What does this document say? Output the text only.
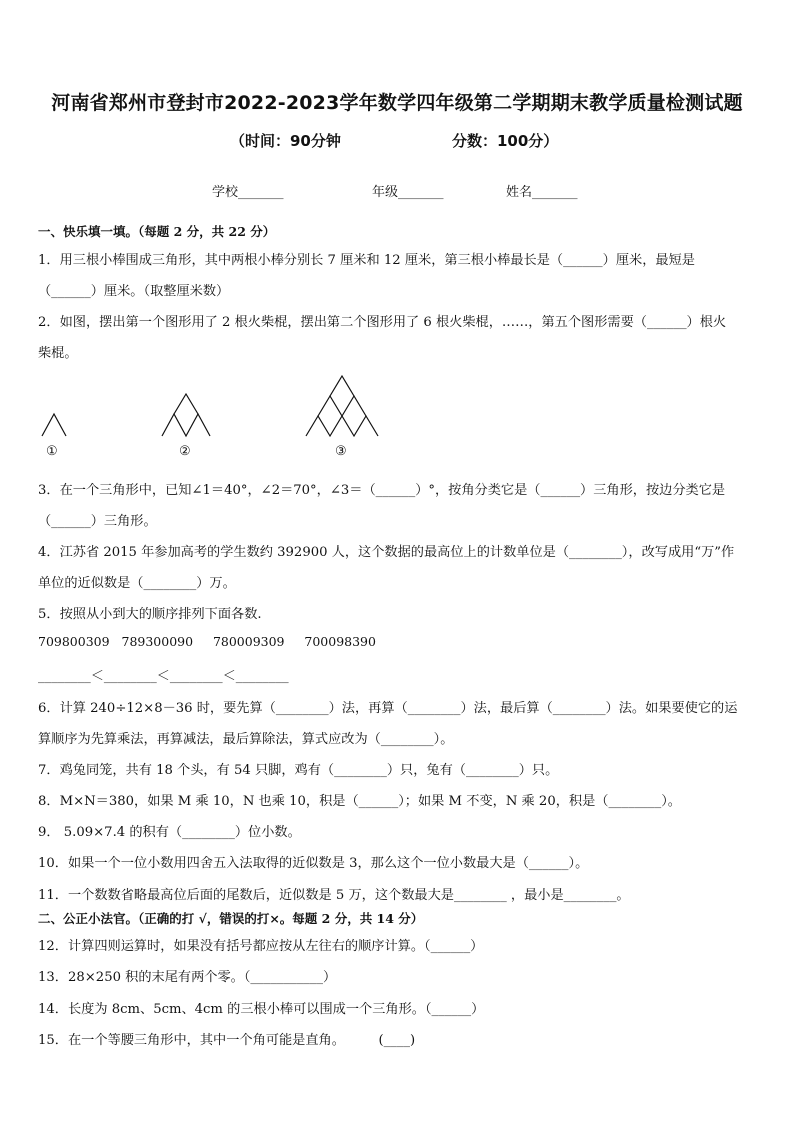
河南省郑州市登封市2022-2023学年数学四年级第二学期期末教学质量检测试题
（时间：90分钟	分数：100分）
学校_______	年级_______	姓名_______
一、快乐填一填。（每题 2 分，共 22 分）
1．用三根小棒围成三角形，其中两根小棒分别长 7 厘米和 12 厘米，第三根小棒最长是（______）厘米，最短是
（______）厘米。（取整厘米数）
2．如图，摆出第一个图形用了 2 根火柴棍，摆出第二个图形用了 6 根火柴棍，……，第五个图形需要（______）根火
柴棍。
①	②	③
3．在一个三角形中，已知∠1＝40°，∠2＝70°，∠3＝（______）°，按角分类它是（______）三角形，按边分类它是
（______）三角形。
4．江苏省 2015 年参加高考的学生数约 392900 人，这个数据的最高位上的计数单位是（________），改写成用“万”作
单位的近似数是（________）万。
5．按照从小到大的顺序排列下面各数.
709800309   789300090     780009309     700098390
________＜________＜________＜________
6．计算 240÷12×8－36 时，要先算（________）法，再算（________）法，最后算（________）法。如果要使它的运
算顺序为先算乘法，再算减法，最后算除法，算式应改为（________）。
7．鸡兔同笼，共有 18 个头，有 54 只脚，鸡有（________）只，兔有（________）只。
8．M×N＝380，如果 M 乘 10，N 也乘 10，积是（______）；如果 M 不变，N 乘 20，积是（________）。
9． 5.09×7.4 的积有（________）位小数。
10．如果一个一位小数用四舍五入法取得的近似数是 3，那么这个一位小数最大是（______）。
11．一个数数省略最高位后面的尾数后，近似数是 5 万，这个数最大是________ ，最小是________。
二、公正小法官。（正确的打 √，错误的打×。每题 2 分，共 14 分）
12．计算四则运算时，如果没有括号都应按从左往右的顺序计算。（______）
13．28×250 积的末尾有两个零。（___________）
14．长度为 8cm、5cm、4cm 的三根小棒可以围成一个三角形。（______）
15．在一个等腰三角形中，其中一个角可能是直角。        (____)
